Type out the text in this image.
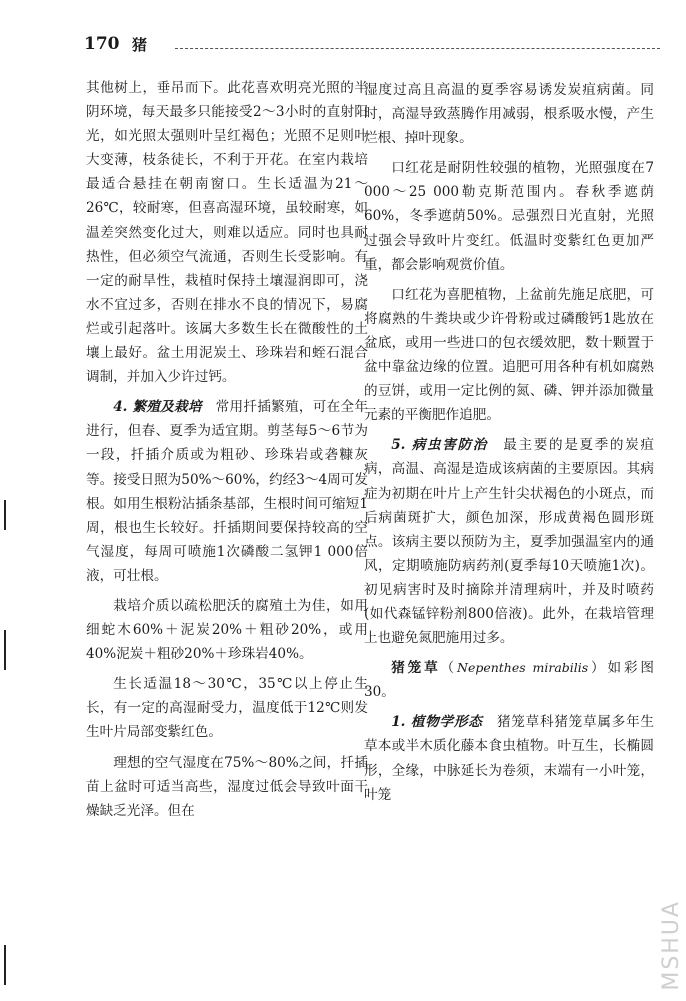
170 猪

其他树上，垂吊而下。此花喜欢明亮光照的半阴环境，每天最多只能接受2～3小时的直射阳光，如光照太强则叶呈红褐色；光照不足则叶大变薄，枝条徒长，不利于开花。在室内栽培最适合悬挂在朝南窗口。生长适温为21～26℃，较耐寒，但喜高湿环境，虽较耐寒，如温差突然变化过大，则难以适应。同时也具耐热性，但必须空气流通，否则生长受影响。有一定的耐旱性，栽植时保持土壤湿润即可，浇水不宜过多，否则在排水不良的情况下，易腐烂或引起落叶。该属大多数生长在微酸性的土壤上最好。盆土用泥炭土、珍珠岩和蛭石混合调制，并加入少许过钙。

4. 繁殖及栽培　 常用扦插繁殖，可在全年进行，但春、夏季为适宜期。剪茎每5～6节为一段，扦插介质或为粗砂、珍珠岩或砻糠灰等。接受日照为50%～60%，约经3～4周可发根。如用生根粉沾插条基部，生根时间可缩短1周，根也生长较好。扦插期间要保持较高的空气湿度，每周可喷施1次磷酸二氢钾1 000倍液，可壮根。

栽培介质以疏松肥沃的腐殖土为佳，如用细蛇木60%＋泥炭20%＋粗砂20%，或用40%泥炭＋粗砂20%＋珍珠岩40%。

生长适温18～30℃，35℃以上停止生长，有一定的高湿耐受力，温度低于12℃则发生叶片局部变紫红色。

理想的空气湿度在75%～80%之间，扦插苗上盆时可适当高些，湿度过低会导致叶面干燥缺乏光泽。但在

湿度过高且高温的夏季容易诱发炭疽病菌。同时，高湿导致蒸腾作用减弱，根系吸水慢，产生烂根、掉叶现象。

口红花是耐阴性较强的植物，光照强度在7 000～25 000勒克斯范围内。春秋季遮荫60%，冬季遮荫50%。忌强烈日光直射，光照过强会导致叶片变红。低温时变紫红色更加严重，都会影响观赏价值。

口红花为喜肥植物，上盆前先施足底肥，可将腐熟的牛粪块或少许骨粉或过磷酸钙1匙放在盆底，或用一些进口的包衣缓效肥，数十颗置于盆中靠盆边缘的位置。追肥可用各种有机如腐熟的豆饼，或用一定比例的氮、磷、钾并添加微量元素的平衡肥作追肥。

5. 病虫害防治　 最主要的是夏季的炭疽病，高温、高湿是造成该病菌的主要原因。其病症为初期在叶片上产生针尖状褐色的小斑点，而后病菌斑扩大，颜色加深，形成黄褐色圆形斑点。该病主要以预防为主，夏季加强温室内的通风，定期喷施防病药剂(夏季每10天喷施1次)。初见病害时及时摘除并清理病叶，并及时喷药(如代森锰锌粉剂800倍液)。此外，在栽培管理上也避免氮肥施用过多。

猪笼草（Nepenthes mirabilis）如彩图30。

1. 植物学形态　 猪笼草科猪笼草属多年生草本或半木质化藤本食虫植物。叶互生，长椭圆形，全缘，中脉延长为卷须，末端有一小叶笼，叶笼

MSHUA
